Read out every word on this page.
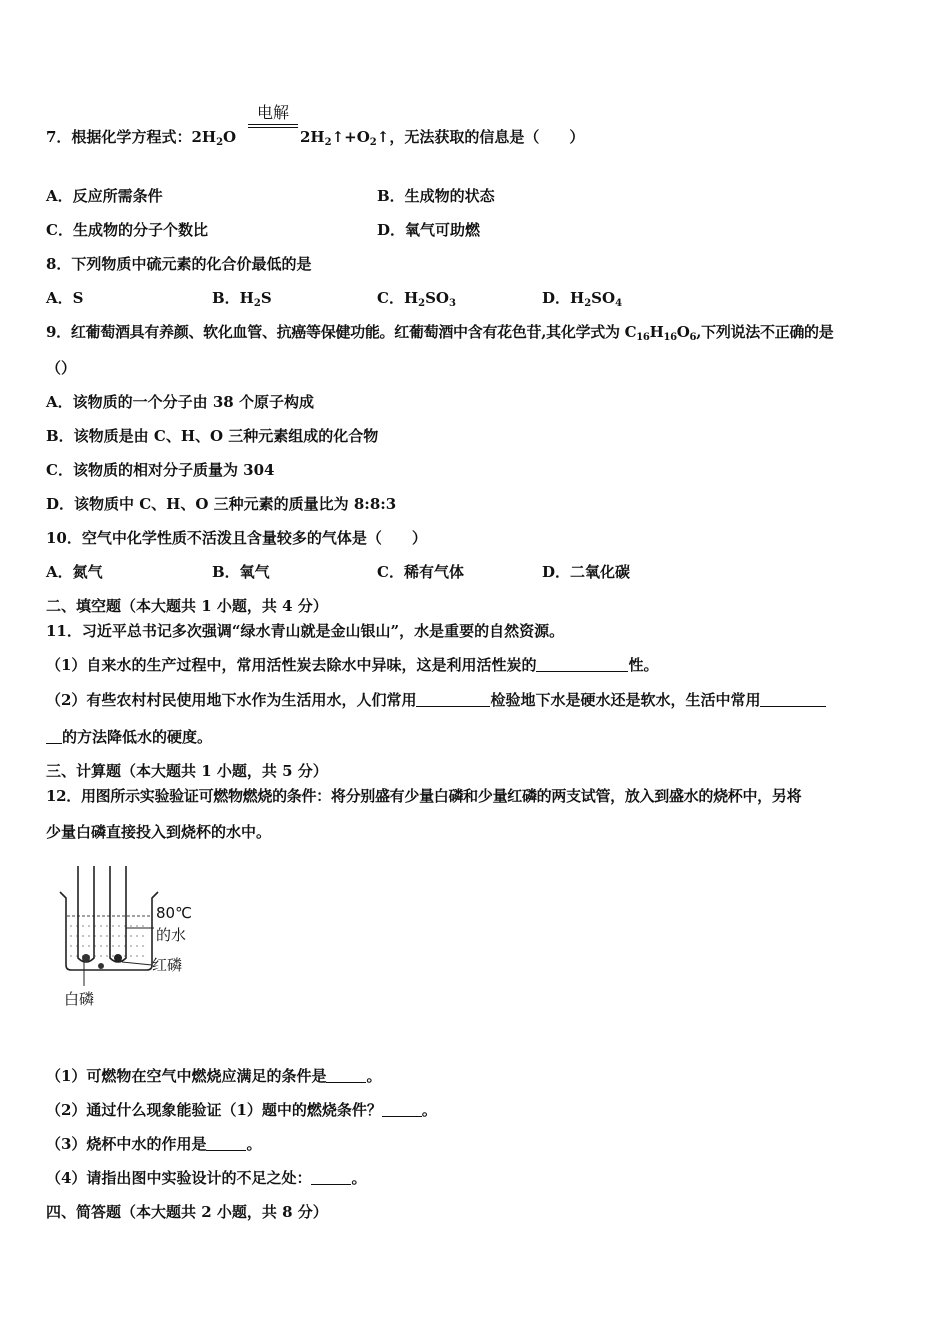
电解
7．根据化学方程式：$2H_2O$	$2H_2↑+O_2↑$，无法获取的信息是（　　）
A．反应所需条件	B．生成物的状态
C．生成物的分子个数比	D．氧气可助燃
8．下列物质中硫元素的化合价最低的是
A．S	B．$H_2S$	C．$H_2SO_3$	D．$H_2SO_4$
9．红葡萄酒具有养颜、软化血管、抗癌等保健功能。红葡萄酒中含有花色苷,其化学式为 $C_{16}H_{16}O_6$,下列说法不正确的是
（）
A．该物质的一个分子由 38 个原子构成
B．该物质是由 C、H、O 三种元素组成的化合物
C．该物质的相对分子质量为 304
D．该物质中 C、H、O 三种元素的质量比为 8:8:3
10．空气中化学性质不活泼且含量较多的气体是（　　）
A．氮气	B．氧气	C．稀有气体	D．二氧化碳
二、填空题（本大题共 1 小题，共 4 分）
11．习近平总书记多次强调“绿水青山就是金山银山”，水是重要的自然资源。
（1）自来水的生产过程中，常用活性炭去除水中异味，这是利用活性炭的	性。
（2）有些农村村民使用地下水作为生活用水，人们常用	检验地下水是硬水还是软水，生活中常用
的方法降低水的硬度。
三、计算题（本大题共 1 小题，共 5 分）
12．用图所示实验验证可燃物燃烧的条件：将分别盛有少量白磷和少量红磷的两支试管，放入到盛水的烧杯中，另将
少量白磷直接投入到烧杯的水中。
80℃
的水
红磷
白磷
（1）可燃物在空气中燃烧应满足的条件是	。
（2）通过什么现象能验证（1）题中的燃烧条件？	。
（3）烧杯中水的作用是	。
（4）请指出图中实验设计的不足之处：	。
四、简答题（本大题共 2 小题，共 8 分）
